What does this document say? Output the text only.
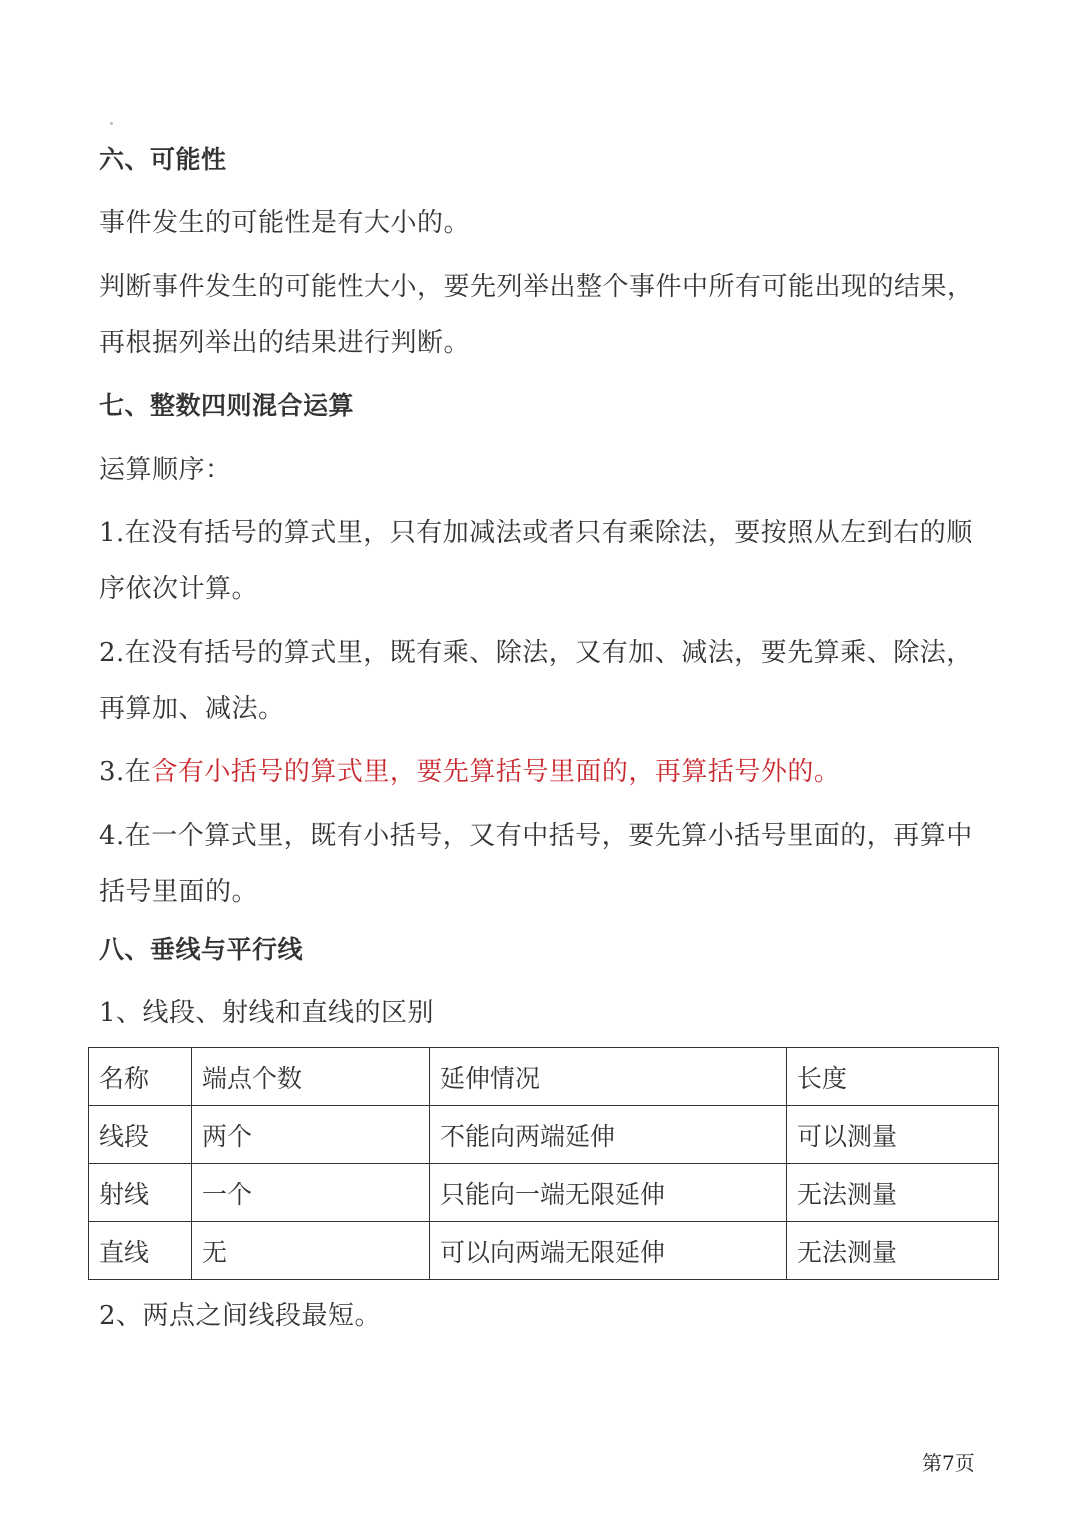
六、可能性
事件发生的可能性是有大小的。
判断事件发生的可能性大小，要先列举出整个事件中所有可能出现的结果，
再根据列举出的结果进行判断。
七、整数四则混合运算
运算顺序：
1.在没有括号的算式里，只有加减法或者只有乘除法，要按照从左到右的顺
序依次计算。
2.在没有括号的算式里，既有乘、除法，又有加、减法，要先算乘、除法，
再算加、减法。
3.在含有小括号的算式里，要先算括号里面的，再算括号外的。
4.在一个算式里，既有小括号，又有中括号，要先算小括号里面的，再算中
括号里面的。
八、垂线与平行线
1、线段、射线和直线的区别
名称	端点个数	延伸情况	长度
线段	两个	不能向两端延伸	可以测量
射线	一个	只能向一端无限延伸	无法测量
直线	无	可以向两端无限延伸	无法测量
2、两点之间线段最短。
第7页
